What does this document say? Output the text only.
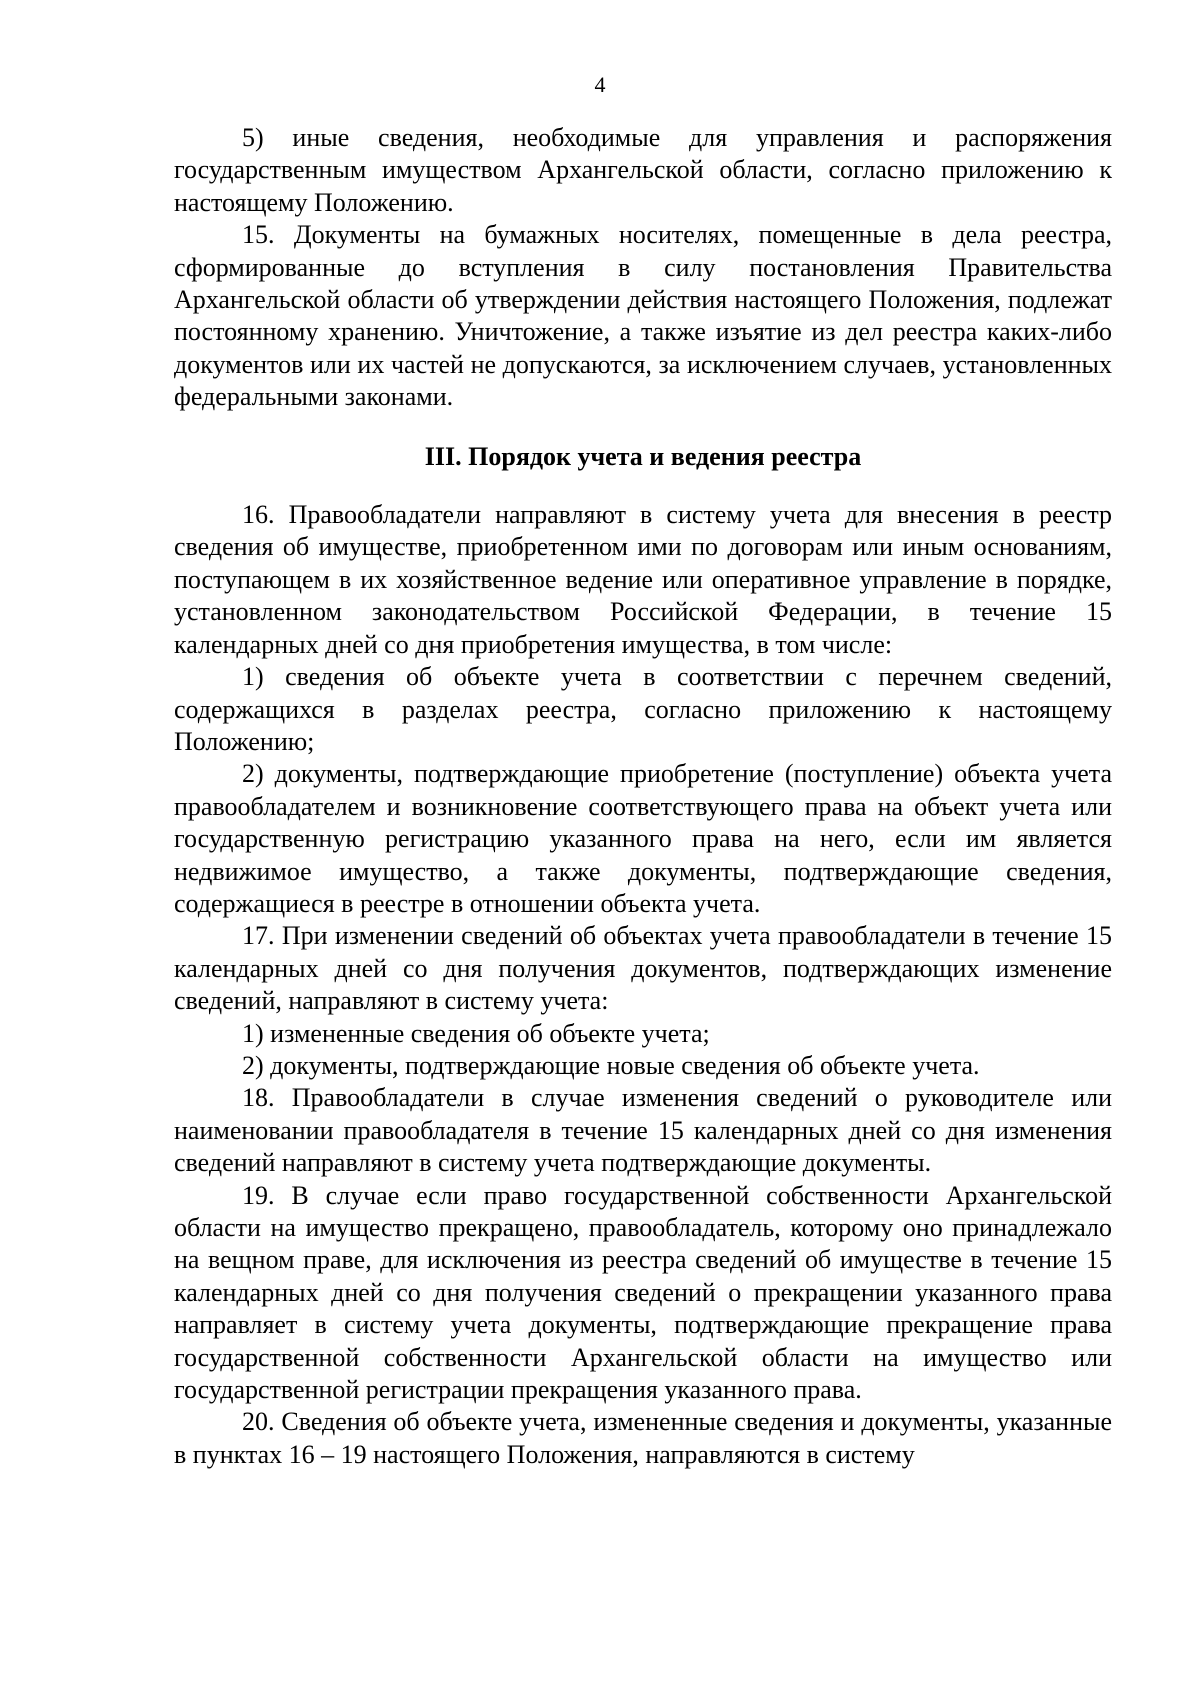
4

5) иные сведения, необходимые для управления и распоряжения государственным имуществом Архангельской области, согласно приложению к настоящему Положению.

15. Документы на бумажных носителях, помещенные в дела реестра, сформированные до вступления в силу постановления Правительства Архангельской области об утверждении действия настоящего Положения, подлежат постоянному хранению. Уничтожение, а также изъятие из дел реестра каких-либо документов или их частей не допускаются, за исключением случаев, установленных федеральными законами.

III. Порядок учета и ведения реестра

16. Правообладатели направляют в систему учета для внесения в реестр сведения об имуществе, приобретенном ими по договорам или иным основаниям, поступающем в их хозяйственное ведение или оперативное управление в порядке, установленном законодательством Российской Федерации, в течение 15 календарных дней со дня приобретения имущества, в том числе:

1) сведения об объекте учета в соответствии с перечнем сведений, содержащихся в разделах реестра, согласно приложению к настоящему Положению;

2) документы, подтверждающие приобретение (поступление) объекта учета правообладателем и возникновение соответствующего права на объект учета или государственную регистрацию указанного права на него, если им является недвижимое имущество, а также документы, подтверждающие сведения, содержащиеся в реестре в отношении объекта учета.

17. При изменении сведений об объектах учета правообладатели в течение 15 календарных дней со дня получения документов, подтверждающих изменение сведений, направляют в систему учета:

1) измененные сведения об объекте учета;

2) документы, подтверждающие новые сведения об объекте учета.

18. Правообладатели в случае изменения сведений о руководителе или наименовании правообладателя в течение 15 календарных дней со дня изменения сведений направляют в систему учета подтверждающие документы.

19. В случае если право государственной собственности Архангельской области на имущество прекращено, правообладатель, которому оно принадлежало на вещном праве, для исключения из реестра сведений об имуществе в течение 15 календарных дней со дня получения сведений о прекращении указанного права направляет в систему учета документы, подтверждающие прекращение права государственной собственности Архангельской области на имущество или государственной регистрации прекращения указанного права.

20. Сведения об объекте учета, измененные сведения и документы, указанные в пунктах 16 – 19 настоящего Положения, направляются в систему
